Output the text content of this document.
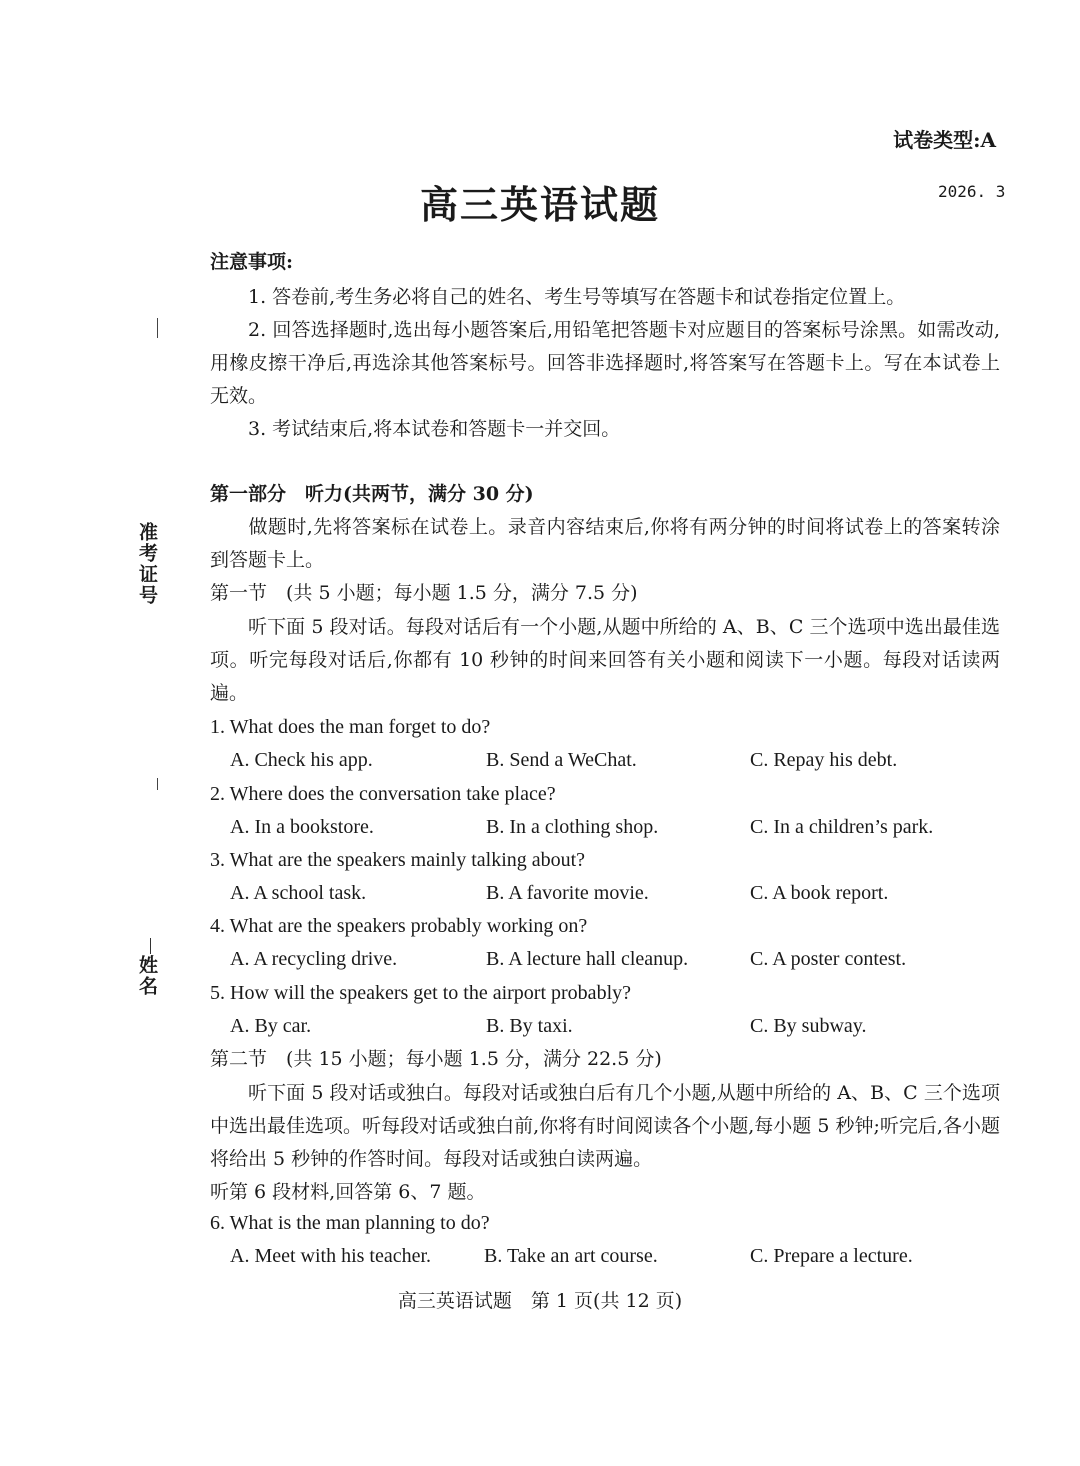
试卷类型:A
高三英语试题	2026. 3
准考证号
姓名
注意事项:
1. 答卷前,考生务必将自己的姓名、考生号等填写在答题卡和试卷指定位置上。
2. 回答选择题时,选出每小题答案后,用铅笔把答题卡对应题目的答案标号涂黑。如需改动,用橡皮擦干净后,再选涂其他答案标号。回答非选择题时,将答案写在答题卡上。写在本试卷上无效。
3. 考试结束后,将本试卷和答题卡一并交回。
第一部分　听力(共两节，满分 30 分)
做题时,先将答案标在试卷上。录音内容结束后,你将有两分钟的时间将试卷上的答案转涂到答题卡上。
第一节　(共 5 小题；每小题 1.5 分，满分 7.5 分)
听下面 5 段对话。每段对话后有一个小题,从题中所给的 A、B、C 三个选项中选出最佳选项。听完每段对话后,你都有 10 秒钟的时间来回答有关小题和阅读下一小题。每段对话读两遍。
1. What does the man forget to do?
A. Check his app.	B. Send a WeChat.	C. Repay his debt.
2. Where does the conversation take place?
A. In a bookstore.	B. In a clothing shop.	C. In a children’s park.
3. What are the speakers mainly talking about?
A. A school task.	B. A favorite movie.	C. A book report.
4. What are the speakers probably working on?
A. A recycling drive.	B. A lecture hall cleanup.	C. A poster contest.
5. How will the speakers get to the airport probably?
A. By car.	B. By taxi.	C. By subway.
第二节　(共 15 小题；每小题 1.5 分，满分 22.5 分)
听下面 5 段对话或独白。每段对话或独白后有几个小题,从题中所给的 A、B、C 三个选项中选出最佳选项。听每段对话或独白前,你将有时间阅读各个小题,每小题 5 秒钟;听完后,各小题将给出 5 秒钟的作答时间。每段对话或独白读两遍。
听第 6 段材料,回答第 6、7 题。
6. What is the man planning to do?
A. Meet with his teacher.	B. Take an art course.	C. Prepare a lecture.
高三英语试题　第 1 页(共 12 页)
